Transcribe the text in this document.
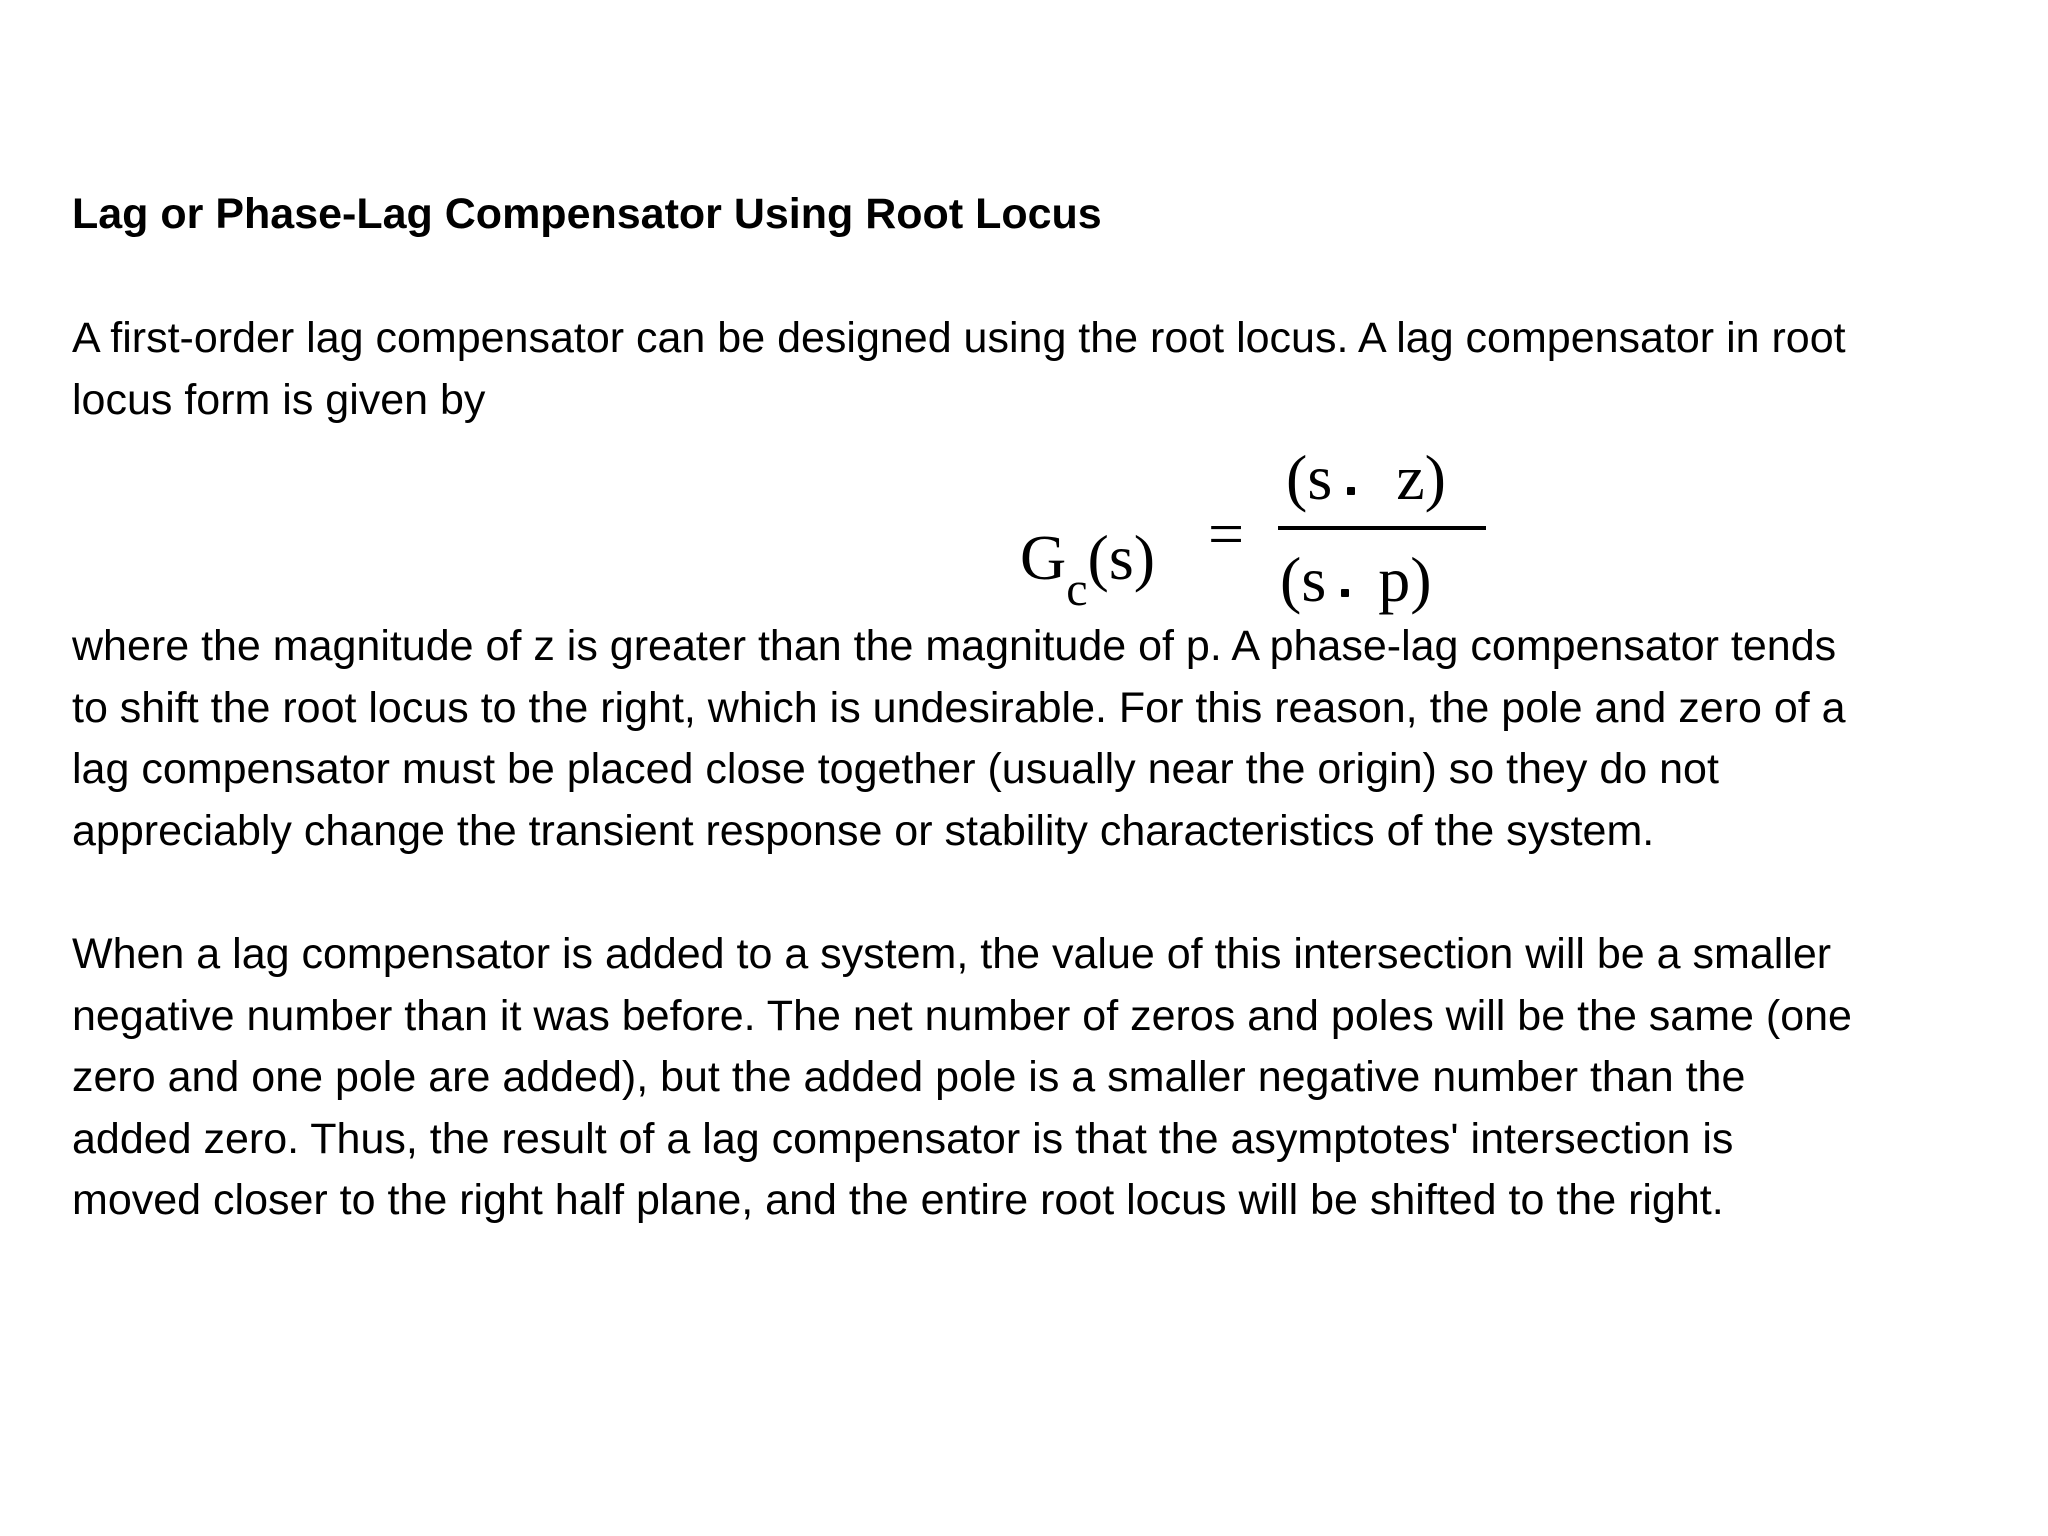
Lag or Phase-Lag Compensator Using Root Locus

A first-order lag compensator can be designed using the root locus. A lag compensator in root
locus form is given by

$G_c(s)$ =
(s z)
(s p)

where the magnitude of z is greater than the magnitude of p. A phase-lag compensator tends
to shift the root locus to the right, which is undesirable. For this reason, the pole and zero of a
lag compensator must be placed close together (usually near the origin) so they do not
appreciably change the transient response or stability characteristics of the system.

When a lag compensator is added to a system, the value of this intersection will be a smaller
negative number than it was before. The net number of zeros and poles will be the same (one
zero and one pole are added), but the added pole is a smaller negative number than the
added zero. Thus, the result of a lag compensator is that the asymptotes' intersection is
moved closer to the right half plane, and the entire root locus will be shifted to the right.
